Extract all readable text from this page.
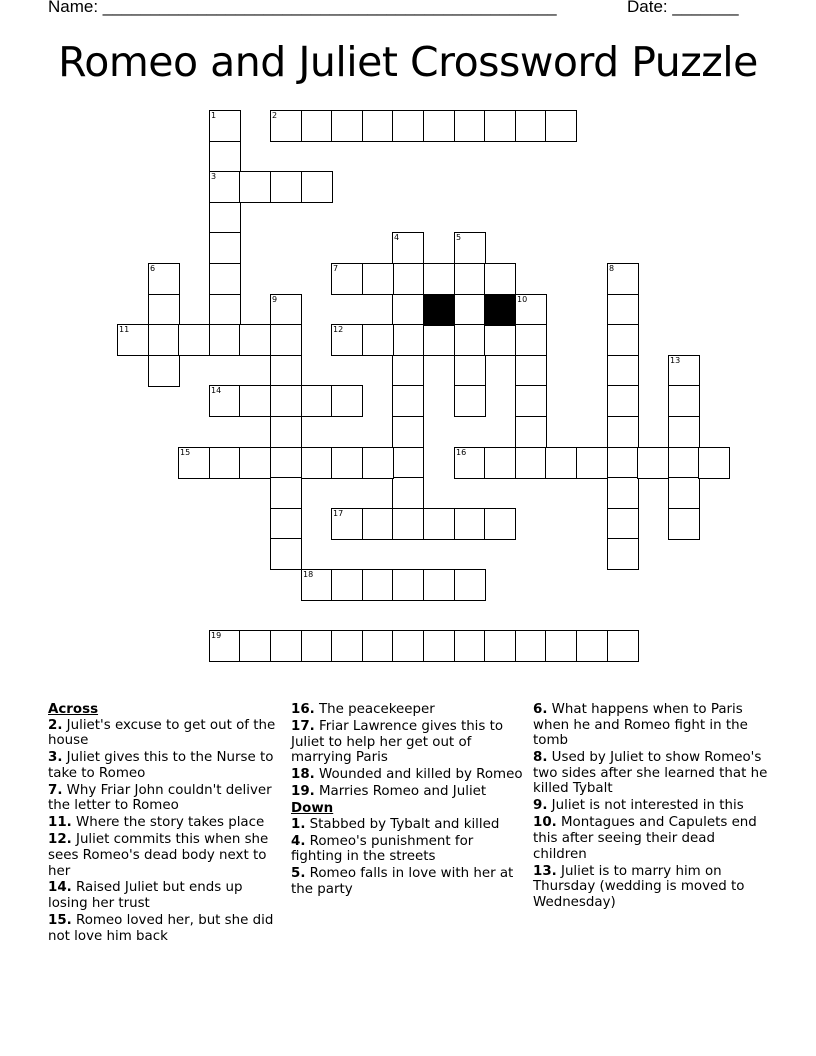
Name: ________________________________________________	Date: _______
Romeo and Juliet Crossword Puzzle
1
3
2
4	5
6	7	8
9	10
11	12
13
14
15	16
17
18
19
Across
2. Juliet's excuse to get out of the house
3. Juliet gives this to the Nurse to take to Romeo
7. Why Friar John couldn't deliver the letter to Romeo
11. Where the story takes place
12. Juliet commits this when she sees Romeo's dead body next to her
14. Raised Juliet but ends up losing her trust
15. Romeo loved her, but she did not love him back
16. The peacekeeper
17. Friar Lawrence gives this to Juliet to help her get out of marrying Paris
18. Wounded and killed by Romeo
19. Marries Romeo and Juliet
Down
1. Stabbed by Tybalt and killed
4. Romeo's punishment for fighting in the streets
5. Romeo falls in love with her at the party
6. What happens when to Paris when he and Romeo fight in the tomb
8. Used by Juliet to show Romeo's two sides after she learned that he killed Tybalt
9. Juliet is not interested in this
10. Montagues and Capulets end this after seeing their dead children
13. Juliet is to marry him on Thursday (wedding is moved to Wednesday)
